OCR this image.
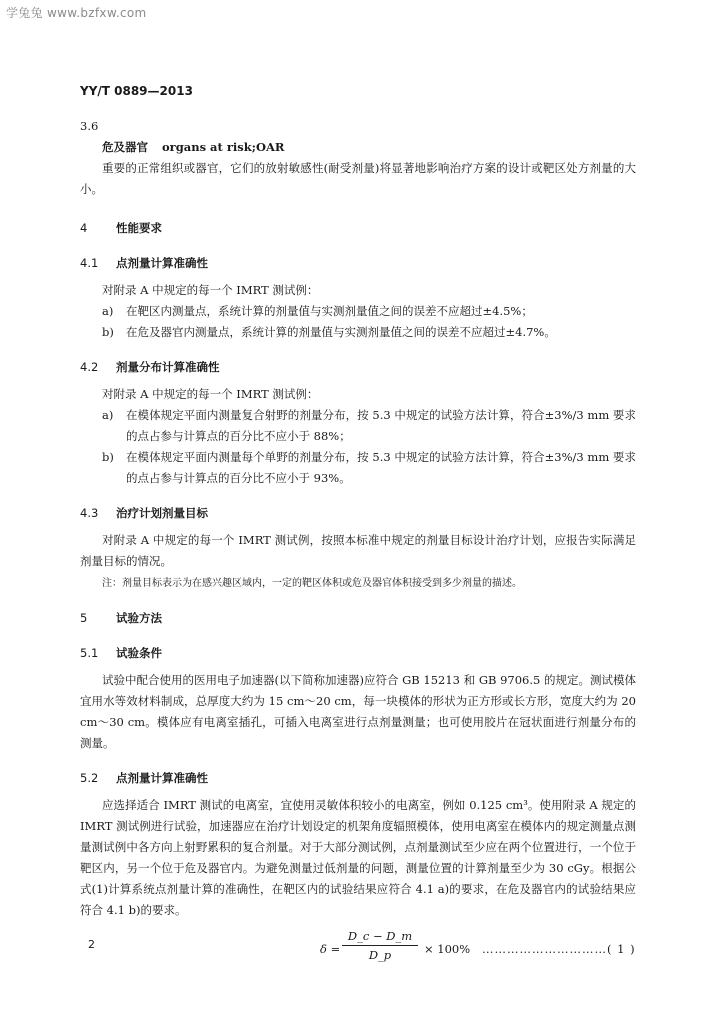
学兔兔 www.bzfxw.com
YY/T 0889—2013
3.6
危及器官 organs at risk;OAR

重要的正常组织或器官，它们的放射敏感性(耐受剂量)将显著地影响治疗方案的设计或靶区处方剂量的大小。

4 性能要求
4.1 点剂量计算准确性

对附录 A 中规定的每一个 IMRT 测试例：

a) 在靶区内测量点，系统计算的剂量值与实测剂量值之间的误差不应超过±4.5%；
b) 在危及器官内测量点，系统计算的剂量值与实测剂量值之间的误差不应超过±4.7%。
4.2 剂量分布计算准确性

对附录 A 中规定的每一个 IMRT 测试例：

a) 在模体规定平面内测量复合射野的剂量分布，按 5.3 中规定的试验方法计算，符合±3%/3 mm 要求的点占参与计算点的百分比不应小于 88%；
b) 在模体规定平面内测量每个单野的剂量分布，按 5.3 中规定的试验方法计算，符合±3%/3 mm 要求的点占参与计算点的百分比不应小于 93%。
4.3 治疗计划剂量目标

对附录 A 中规定的每一个 IMRT 测试例，按照本标准中规定的剂量目标设计治疗计划，应报告实际满足剂量目标的情况。

注：剂量目标表示为在感兴趣区域内，一定的靶区体积或危及器官体积接受到多少剂量的描述。
5 试验方法
5.1 试验条件

试验中配合使用的医用电子加速器(以下简称加速器)应符合 GB 15213 和 GB 9706.5 的规定。测试模体宜用水等效材料制成，总厚度大约为 15 cm～20 cm，每一块模体的形状为正方形或长方形，宽度大约为 20 cm～30 cm。模体应有电离室插孔，可插入电离室进行点剂量测量；也可使用胶片在冠状面进行剂量分布的测量。

5.2 点剂量计算准确性

应选择适合 IMRT 测试的电离室，宜使用灵敏体积较小的电离室，例如 0.125 cm³。使用附录 A 规定的 IMRT 测试例进行试验，加速器应在治疗计划设定的机架角度辐照模体，使用电离室在模体内的规定测量点测量测试例中各方向上射野累积的复合剂量。对于大部分测试例，点剂量测试至少应在两个位置进行，一个位于靶区内，另一个位于危及器官内。为避免测量过低剂量的问题，测量位置的计算剂量至少为 30 cGy。根据公式(1)计算系统点剂量计算的准确性，在靶区内的试验结果应符合 4.1 a)的要求，在危及器官内的试验结果应符合 4.1 b)的要求。

$\delta = \frac{D\_c - D\_m}{D\_p} \times 100\%$ …………………………( 1 )
2
